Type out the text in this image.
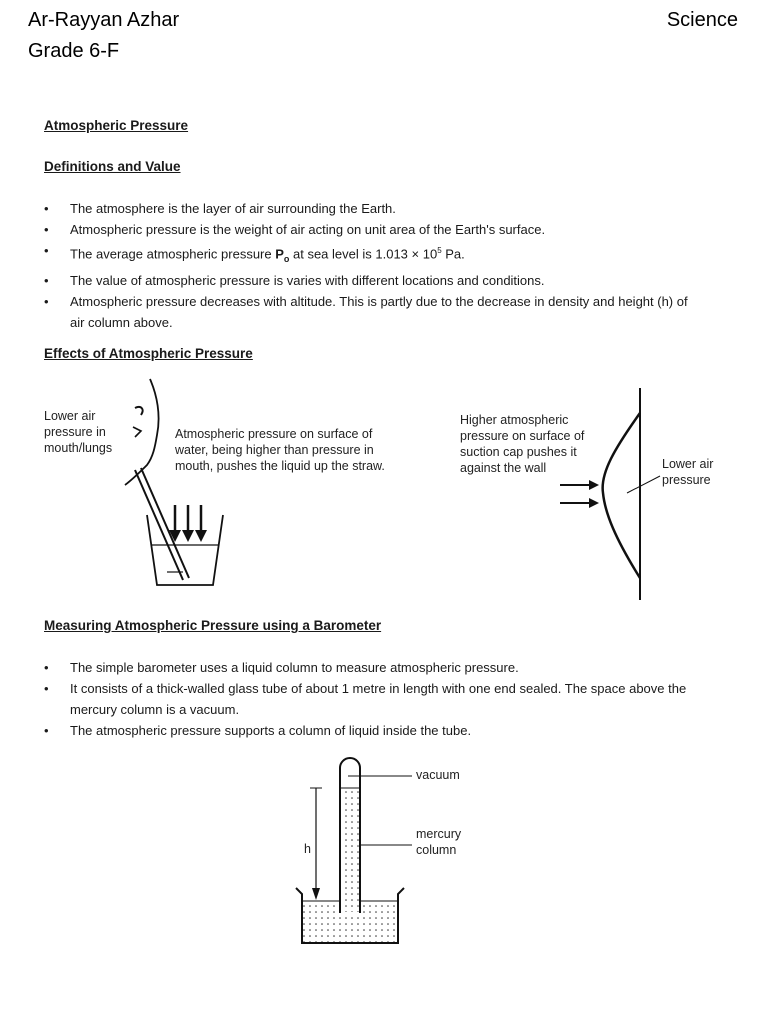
Ar-Rayyan Azhar
Grade 6-F
Science
Atmospheric Pressure
Definitions and Value
• The atmosphere is the layer of air surrounding the Earth.
• Atmospheric pressure is the weight of air acting on unit area of the Earth's surface.
• The average atmospheric pressure $P_o$ at sea level is $1.013 \times 10^5$ Pa.
• The value of atmospheric pressure is varies with different locations and conditions.
• Atmospheric pressure decreases with altitude. This is partly due to the decrease in density and height (h) of air column above.
Effects of Atmospheric Pressure
Lower air pressure in mouth/lungs
Atmospheric pressure on surface of water, being higher than pressure in mouth, pushes the liquid up the straw.
Higher atmospheric pressure on surface of suction cap pushes it against the wall	Lower air pressure
Measuring Atmospheric Pressure using a Barometer
• The simple barometer uses a liquid column to measure atmospheric pressure.
• It consists of a thick-walled glass tube of about 1 metre in length with one end sealed. The space above the mercury column is a vacuum.
• The atmospheric pressure supports a column of liquid inside the tube.
vacuum
mercury column
h
